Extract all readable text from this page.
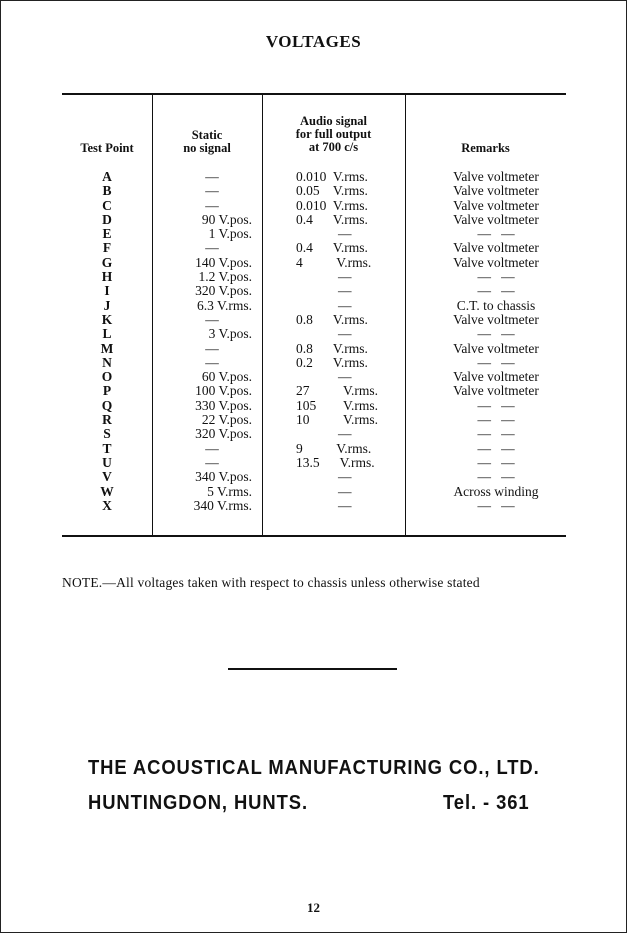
VOLTAGES
Test Point
Static
no signal
Audio signal
for full output
at 700 c/s	Remarks
A
B
C
D
E
F
G
H
I
J
K
L
M
N
O
P
Q
R
S
T
U
V
W
X
—
—
—
90 V.pos.
1 V.pos.
—
140 V.pos.
1.2 V.pos.
320 V.pos.
6.3 V.rms.
—
3 V.pos.
—
—
60 V.pos.
100 V.pos.
330 V.pos.
22 V.pos.
320 V.pos.
—
—
340 V.pos.
5 V.rms.
340 V.rms.
0.010  V.rms.
0.05    V.rms.
0.010  V.rms.
0.4      V.rms.
—
0.4      V.rms.
4          V.rms.
—
—
—
0.8      V.rms.
—
0.8      V.rms.
0.2      V.rms.
—
27          V.rms.
105        V.rms.
10          V.rms.
—
9          V.rms.
13.5      V.rms.
—
—
—
Valve voltmeter
Valve voltmeter
Valve voltmeter
Valve voltmeter
—   —
Valve voltmeter
Valve voltmeter
—   —
—   —
C.T. to chassis
Valve voltmeter
—   —
Valve voltmeter
—   —
Valve voltmeter
Valve voltmeter
—   —
—   —
—   —
—   —
—   —
—   —
Across winding
—   —
NOTE.—All voltages taken with respect to chassis unless otherwise stated
THE ACOUSTICAL MANUFACTURING CO., LTD.
HUNTINGDON, HUNTS.	Tel. - 361
12
